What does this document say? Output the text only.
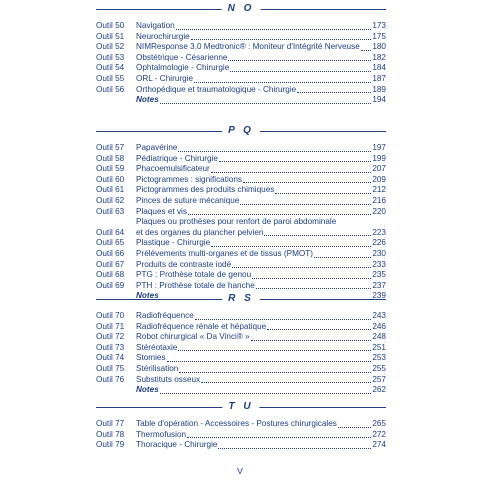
N O
Outil 50	Navigation	173
Outil 51	Neurochirurgie	175
Outil 52	NIMResponse 3.0 Medtronic® : Moniteur d'Intégrité Nerveuse 180
Outil 53	Obstétrique - Césarienne	182
Outil 54	Ophtalmologie - Chirurgie	184
Outil 55	ORL - Chirurgie	187
Outil 56	Orthopédique et traumatologique - Chirurgie	189
Notes	194
P Q
Outil 57	Papavérine	197
Outil 58	Pédiatrique - Chirurgie	199
Outil 59	Phacoemulsificateur	207
Outil 60	Pictogrammes : significations	209
Outil 61	Pictogrammes des produits chimiques	212
Outil 62	Pinces de suture mécanique	216
Outil 63	Plaques et vis	220
Outil 64
Plaques ou prothèses pour renfort de paroi abdominale
et des organes du plancher pelvien	223
Outil 65	Plastique - Chirurgie	226
Outil 66	Prélèvements multi-organes et de tissus (PMOT)	230
Outil 67	Produits de contraste iodé	233
Outil 68	PTG : Prothèse totale de genou	235
Outil 69	PTH : Prothèse totale de hanche	237
Notes	239
R S
Outil 70	Radiofréquence	243
Outil 71	Radiofréquence rénale et hépatique	246
Outil 72	Robot chirurgical « Da Vinci® »	248
Outil 73	Stéréotaxie	251
Outil 74	Stomies	253
Outil 75	Stérilisation	255
Outil 76	Substituts osseux	257
Notes	262
T U
Outil 77	Table d'opération - Accessoires - Postures chirurgicales	265
Outil 78	Thermofusion	272
Outil 79	Thoracique - Chirurgie	274
V
